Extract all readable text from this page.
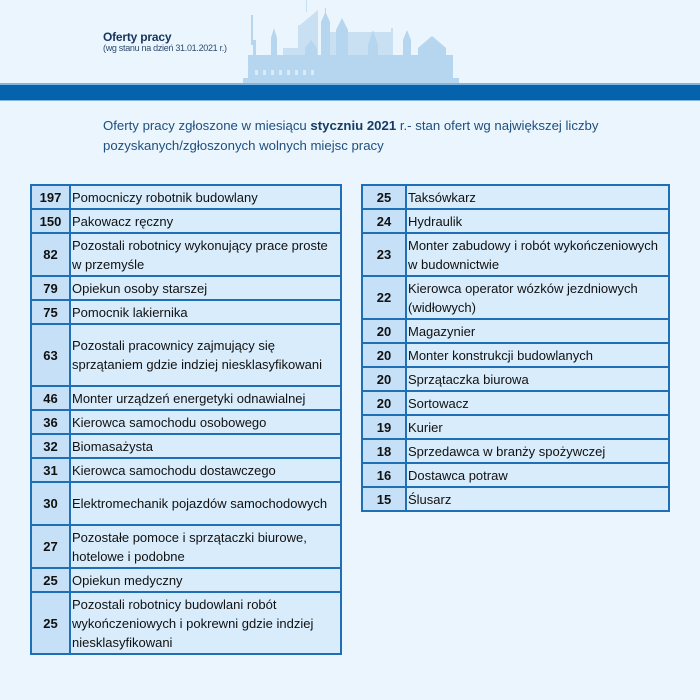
Oferty pracy
(wg stanu na dzień 31.01.2021 r.)
Oferty pracy zgłoszone w miesiącu styczniu 2021 r.- stan ofert wg największej liczby pozyskanych/zgłoszonych wolnych miejsc pracy
197	Pomocniczy robotnik budowlany
150	Pakowacz ręczny
82	Pozostali robotnicy wykonujący prace proste w przemyśle
79	Opiekun osoby starszej
75	Pomocnik lakiernika
63	Pozostali pracownicy zajmujący się sprzątaniem gdzie indziej niesklasyfikowani
46	Monter urządzeń energetyki odnawialnej
36	Kierowca samochodu osobowego
32	Biomasażysta
31	Kierowca samochodu dostawczego
30	Elektromechanik pojazdów samochodowych
27	Pozostałe pomoce i sprzątaczki biurowe, hotelowe i podobne
25	Opiekun medyczny
25	Pozostali robotnicy budowlani robót wykończeniowych i pokrewni gdzie indziej niesklasyfikowani
25	Taksówkarz
24	Hydraulik
23	Monter zabudowy i robót wykończeniowych w budownictwie
22	Kierowca operator wózków jezdniowych (widłowych)
20	Magazynier
20	Monter konstrukcji budowlanych
20	Sprzątaczka biurowa
20	Sortowacz
19	Kurier
18	Sprzedawca w branży spożywczej
16	Dostawca potraw
15	Ślusarz
